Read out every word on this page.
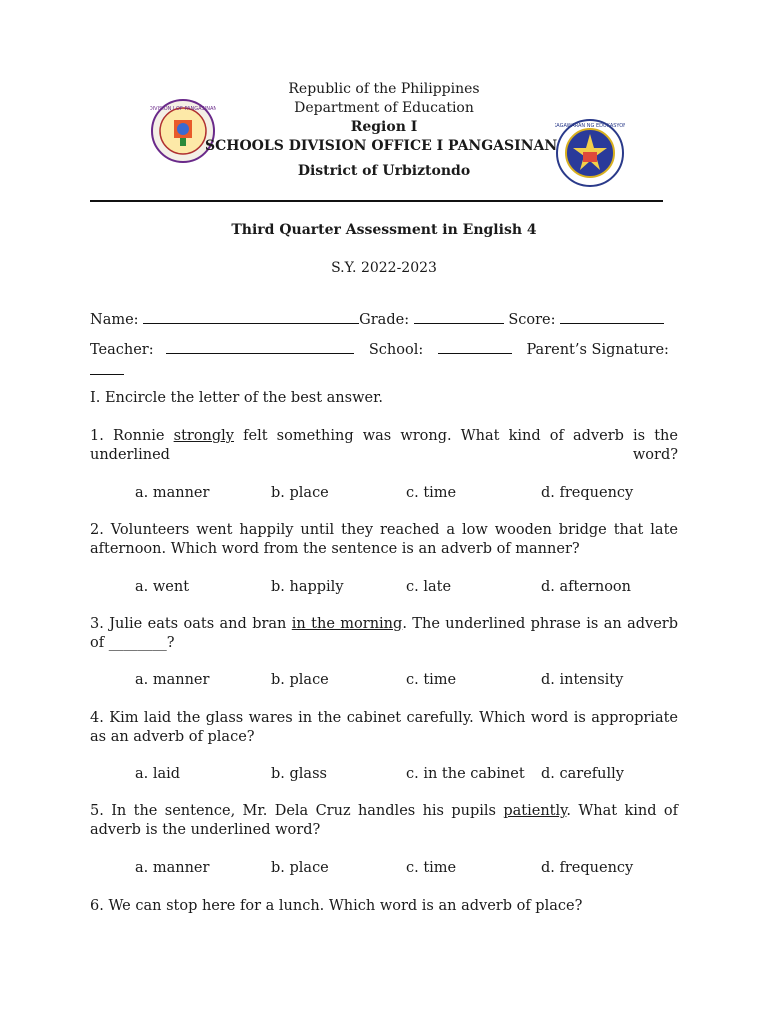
DIVISION I OF PANGASINAN
KAGAWARAN NG EDUKASYON
Republic of the Philippines
Department of Education
Region I
SCHOOLS DIVISION OFFICE I PANGASINAN
District of Urbiztondo
Third Quarter Assessment in English 4
S.Y. 2022-2023
Name:	Grade:	Score:
Teacher:	School:	Parent’s Signature:
I. Encircle the letter of the best answer.
1. Ronnie strongly felt something was wrong. What kind of adverb is the underlined word?
a. manner	b. place	c. time	d. frequency
2. Volunteers went happily until they reached a low wooden bridge that late afternoon. Which word from the sentence is an adverb of manner?
a. went	b. happily	c. late	d. afternoon
3. Julie eats oats and bran in the morning. The underlined phrase is an adverb of ________?
a. manner	b. place	c. time	d. intensity
4. Kim laid the glass wares in the cabinet carefully. Which word is appropriate as an adverb of place?
a. laid	b. glass	c. in the cabinet d. carefully
5. In the sentence, Mr. Dela Cruz handles his pupils patiently. What kind of adverb is the underlined word?
a. manner	b. place	c. time	d. frequency
6. We can stop here for a lunch. Which word is an adverb of place?
